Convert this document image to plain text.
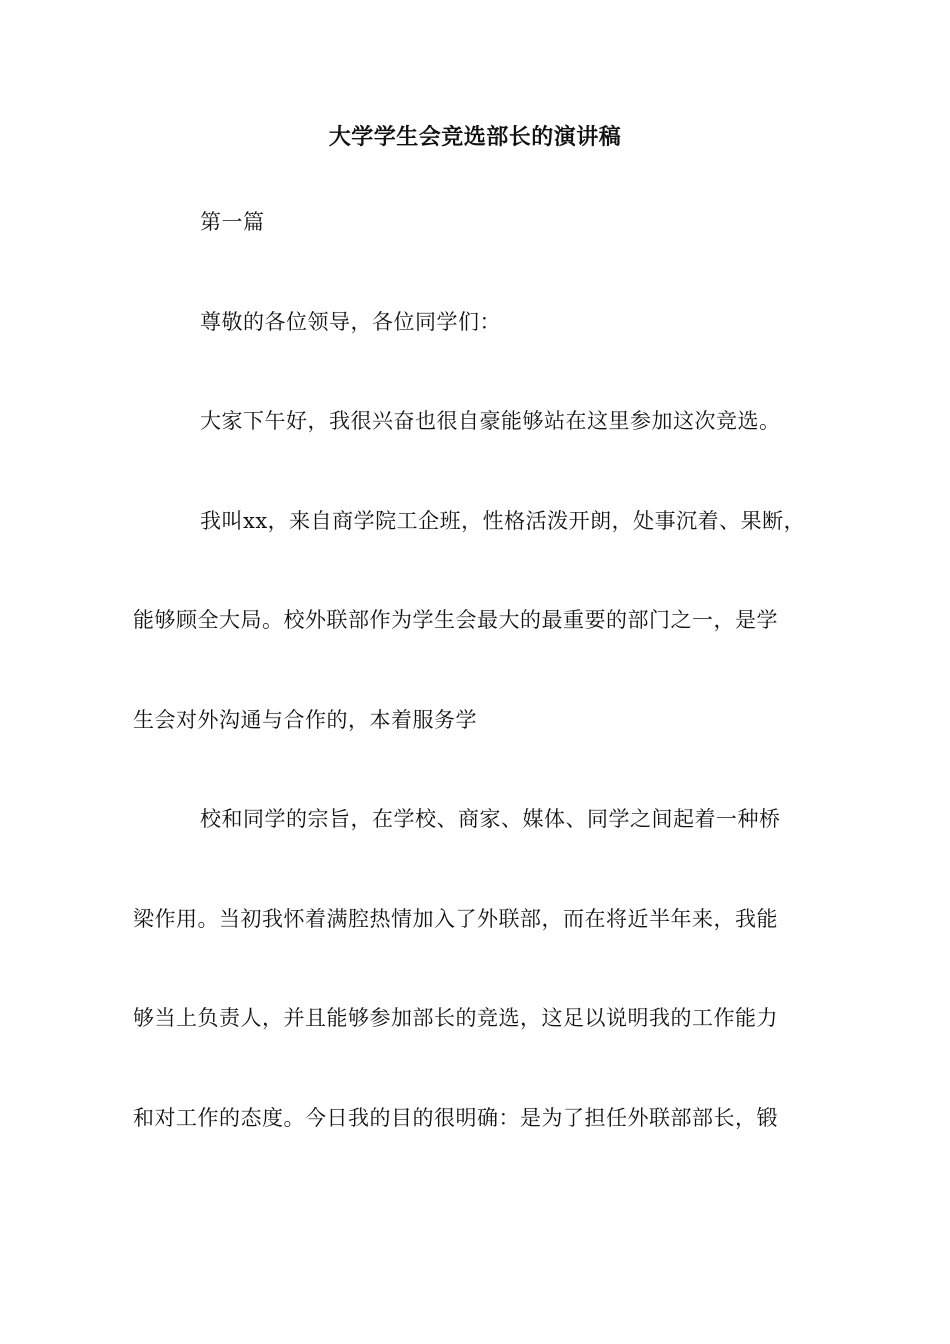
大学学生会竞选部长的演讲稿
第一篇
尊敬的各位领导，各位同学们：
大家下午好，我很兴奋也很自豪能够站在这里参加这次竞选。
我叫xx，来自商学院工企班，性格活泼开朗，处事沉着、果断，
能够顾全大局。校外联部作为学生会最大的最重要的部门之一，是学
生会对外沟通与合作的，本着服务学
校和同学的宗旨，在学校、商家、媒体、同学之间起着一种桥
梁作用。当初我怀着满腔热情加入了外联部，而在将近半年来，我能
够当上负责人，并且能够参加部长的竞选，这足以说明我的工作能力
和对工作的态度。今日我的目的很明确：是为了担任外联部部长，锻
